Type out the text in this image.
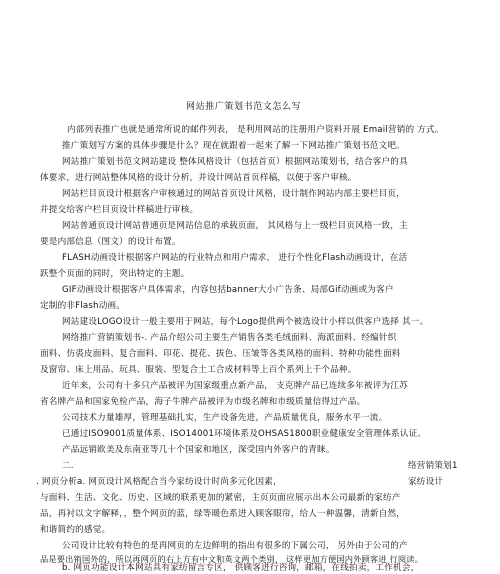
网站推广策划书范文怎么写
内部列表推广也就是通常所说的邮件列表， 是利用网站的注册用户资料开展 Email营销的 方式。
推广策划写方案的具体步骤是什么？现在就跟着一起来了解一下网站推广策划书范文吧。
网站推广策划书范文网站建设 整体风格设计（包括首页）根据网站策划书，结合客户的具
体要求，进行网站整体风格的设计分析，并设计网站首页样稿，以便于客户审核。
网站栏目页设计根据客户审核通过的网站首页设计风格，设计制作网站内部主要栏目页，
并提交给客户栏目页设计样稿进行审核。
网站普通页设计网站普通页是网站信息的承载页面， 其风格与上一级栏目页风格一致，主
要是内部信息（图文）的设计布置。
FLASH动画设计根据客户网站的行业特点和用户需求， 进行个性化Flash动画设计，在活
跃整个页面的同时，突出特定的主题。
GIF动画设计根据客户具体需求，内容包括banner大小广告条、局部Gif动画或为客户
定制的非Flash动画。
网站建设LOGO设计一般主要用于网站，每个Logo提供两个被选设计小样以供客户选择 其一。
网络推广营销策划书-. 产品介绍公司主要生产销售各类毛绒面料、海派面料、经编针织
面料、仿裘皮面料、复合面料、印花、提花、拔色、压皱等各类风格的面料、特种功能性面料
及窗帘、床上用品、玩具、服装、型复合土工合成材料等上百个系列上千个品种。
近年来，公司有十多只产品被评为国家级重点新产品， 支克牌产品已连续多年被评为江苏
省名牌产品和国家免检产品，海子牛牌产品被评为市级名牌和市级质量信得过产品。
公司技术力量雄厚，管理基础扎实，生产设备先进，产品质量优良，服务水平一流。
已通过ISO9001质量体系、ISO14001环境体系及OHSAS1800职业健康安全管理体系认证。
产品远销欧美及东南亚等几十个国家和地区，深受国内外客户的青睐。
二.	络营销策划1
. 网页分析a. 网页设计风格配合当今家纺设计时尚多元化因素，	家纺设计
与面料、生活、文化、历史、区域的联系更加的紧密，主页页面应展示出本公司最新的家纺产
品，再衬以文字解释，，整个网页的蓝，绿等暖色系进入顾客眼帘，给人一种温馨，清新自然，
和谐简约的感觉。
公司设计比较有特色的是再网页的左边鲜明的指出有很多的下属公司， 另外由于公司的产
品是要出销国外的，所以再网页的右上方有中文和英文两个类别， 这样更加方便国内外顾客进 行阅读。
b. 网页功能设计本网站具有家纺留言专区， 供顾客进行咨询，邮箱，在线拍卖，工作机会，
